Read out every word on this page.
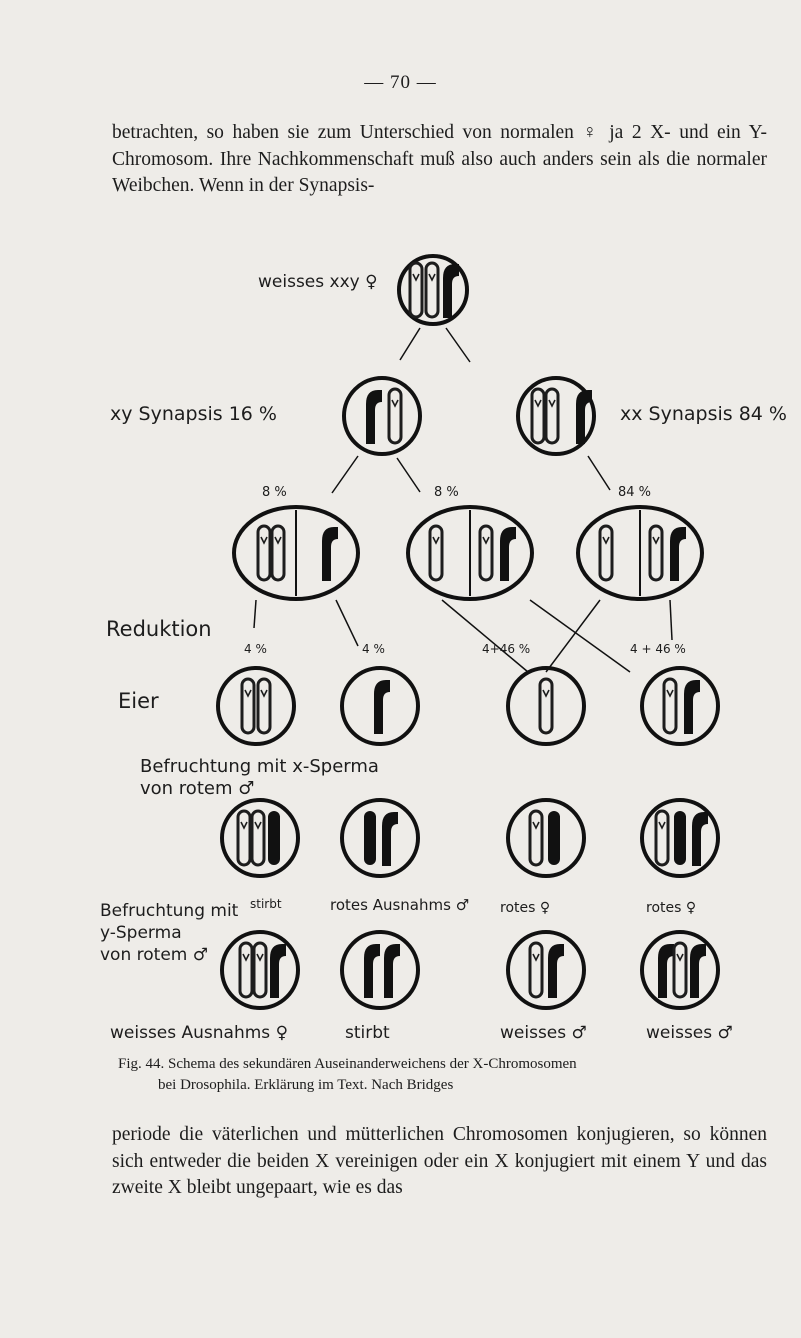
— 70 —

betrachten, so haben sie zum Unterschied von normalen ♀ ja 2 X- und ein Y-Chromosom. Ihre Nachkommenschaft muß also auch anders sein als die normaler Weibchen. Wenn in der Synapsis-

weisses xxy ♀
xy Synapsis 16 %	xx Synapsis 84 %
8 %	8 %	84 %
Reduktion
4 %	4 %	4+46 %	4 + 46 %
Eier
Befruchtung mit x-Sperma
von rotem ♂
Befruchtung mit
y-Sperma
von rotem ♂
stirbt	rotes Ausnahms ♂ rotes ♀	rotes ♀
weisses Ausnahms ♀	stirbt	weisses ♂	weisses ♂
Fig. 44. Schema des sekundären Auseinanderweichens der X-Chromosomen
bei Drosophila. Erklärung im Text. Nach Bridges

periode die väterlichen und mütterlichen Chromosomen konjugieren, so können sich entweder die beiden X vereinigen oder ein X konjugiert mit einem Y und das zweite X bleibt ungepaart, wie es das
